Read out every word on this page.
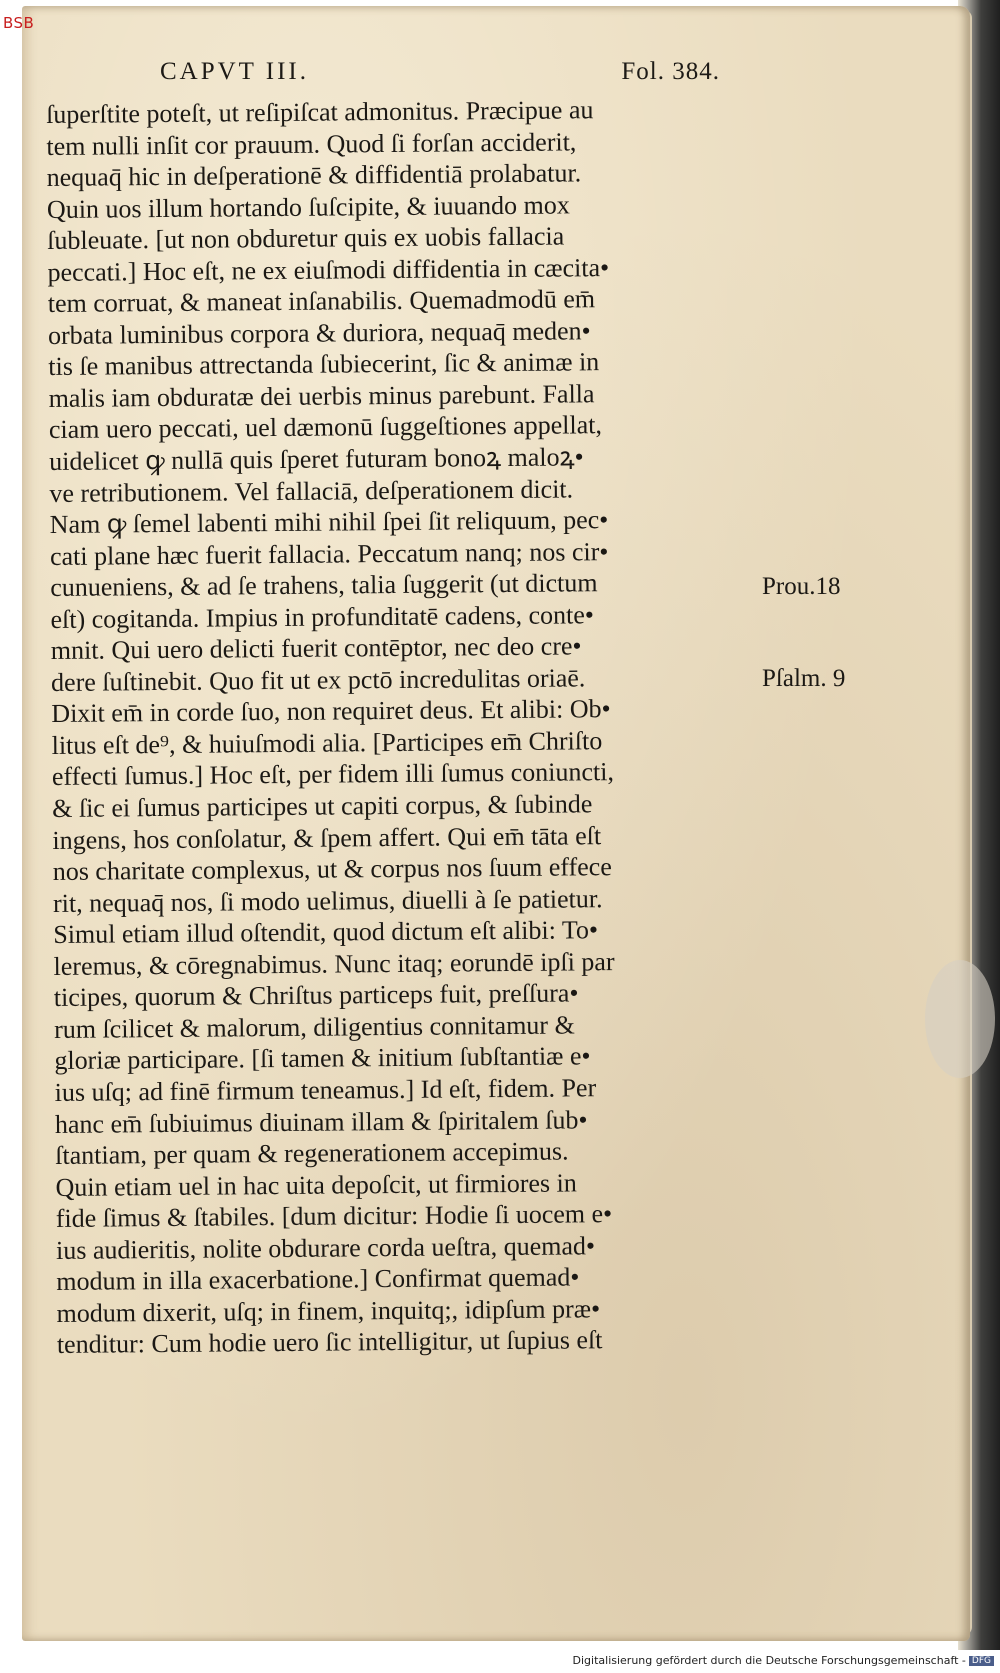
CAPVT III.	Fol. 384.
ſuperſtite poteſt, ut reſipiſcat admonitus. Præcipue au
tem nulli inſit cor prauum. Quod ſi forſan acciderit,
nequaq̄ hic in deſperationē & diffidentiā prolabatur.
Quin uos illum hortando ſuſcipite, & iuuando mox
ſubleuate. [ut non obduretur quis ex uobis fallacia
peccati.] Hoc eſt, ne ex eiuſmodi diffidentia in cæcita•
tem corruat, & maneat inſanabilis. Quemadmodū em̄
orbata luminibus corpora & duriora, nequaq̄ meden•
tis ſe manibus attrectanda ſubiecerint, ſic & animæ in
malis iam obduratæ dei uerbis minus parebunt. Falla
ciam uero peccati, uel dæmonū ſuggeſtiones appellat,
uidelicet ꝙ nullā quis ſperet futuram bonoꝝ maloꝝ•
ve retributionem. Vel fallaciā, deſperationem dicit.
Nam ꝙ ſemel labenti mihi nihil ſpei ſit reliquum, pec•
cati plane hæc fuerit fallacia. Peccatum nanq; nos cir•
cunueniens, & ad ſe trahens, talia ſuggerit (ut dictum
eſt) cogitanda. Impius in profunditatē cadens, conte•
mnit. Qui uero delicti fuerit contēptor, nec deo cre•
dere ſuſtinebit. Quo fit ut ex pctō incredulitas oriaē.
Dixit em̄ in corde ſuo, non requiret deus. Et alibi: Ob•
litus eſt de⁹, & huiuſmodi alia. [Participes em̄ Chriſto
effecti ſumus.] Hoc eſt, per fidem illi ſumus coniuncti,
& ſic ei ſumus participes ut capiti corpus, & ſubinde
ingens, hos conſolatur, & ſpem affert. Qui em̄ tāta eſt
nos charitate complexus, ut & corpus nos ſuum effece
rit, nequaq̄ nos, ſi modo uelimus, diuelli à ſe patietur.
Simul etiam illud oſtendit, quod dictum eſt alibi: To•
leremus, & cōregnabimus. Nunc itaq; eorundē ipſi par
ticipes, quorum & Chriſtus particeps fuit, preſſura•
rum ſcilicet & malorum, diligentius connitamur &
gloriæ participare. [ſi tamen & initium ſubſtantiæ e•
ius uſq; ad finē firmum teneamus.] Id eſt, fidem. Per
hanc em̄ ſubiuimus diuinam illam & ſpiritalem ſub•
ſtantiam, per quam & regenerationem accepimus.
Quin etiam uel in hac uita depoſcit, ut firmiores in
fide ſimus & ſtabiles. [dum dicitur: Hodie ſi uocem e•
ius audieritis, nolite obdurare corda ueſtra, quemad•
modum in illa exacerbatione.] Confirmat quemad•
modum dixerit, uſq; in finem, inquitq;, idipſum præ•
tenditur: Cum hodie uero ſic intelligitur, ut ſupius eſt
Prou.18
Pſalm. 9
BSB
Digitalisierung gefördert durch die Deutsche Forschungsgemeinschaft - DFG
